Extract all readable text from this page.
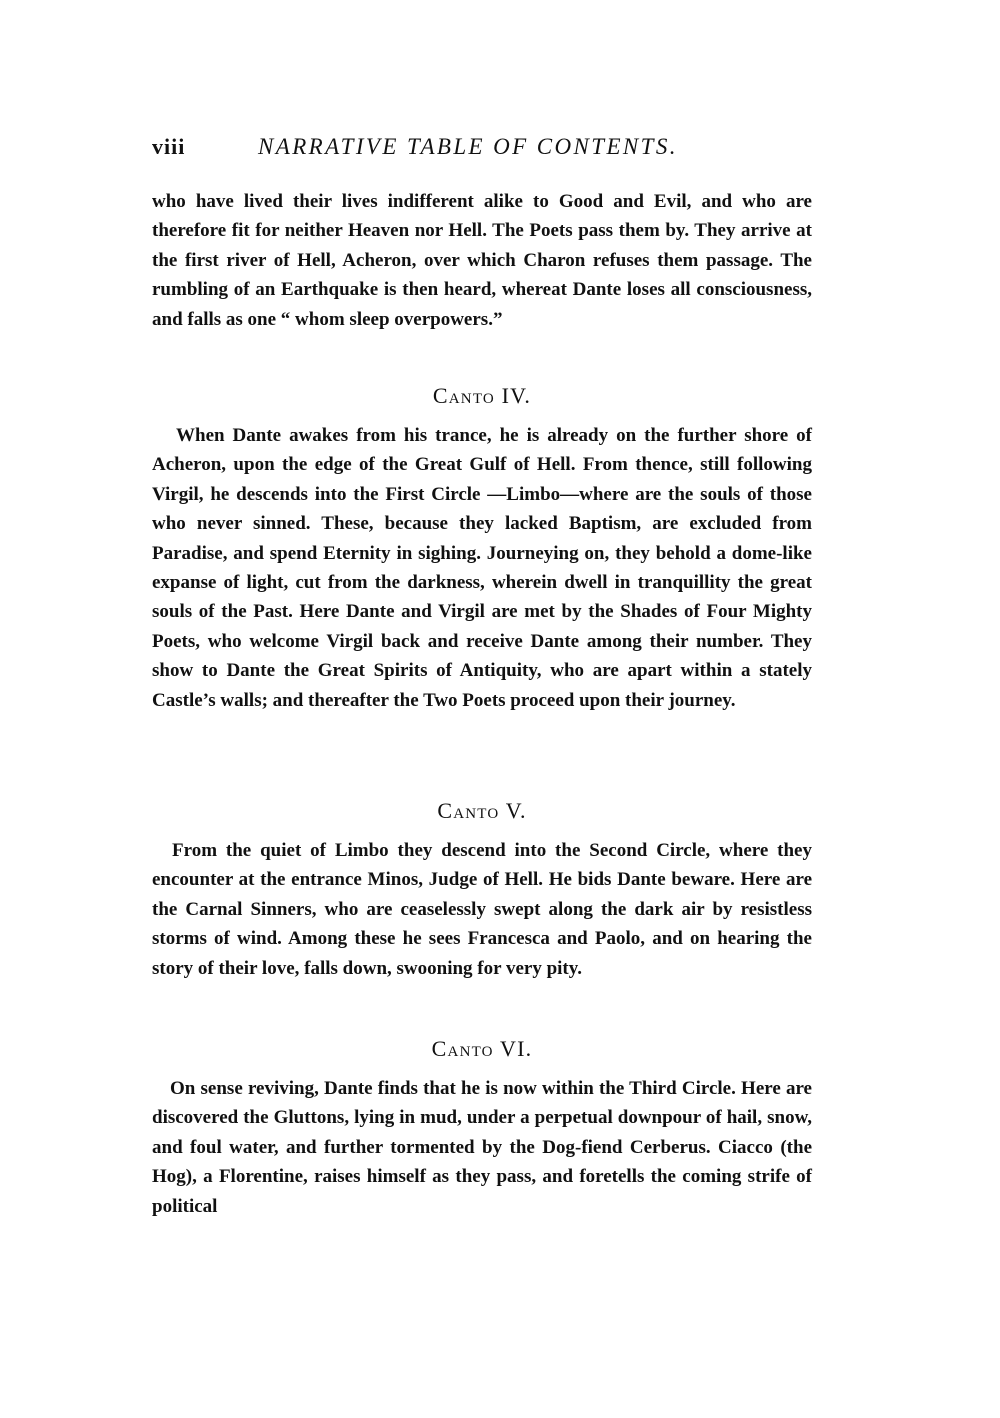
viii	NARRATIVE TABLE OF CONTENTS.

who have lived their lives indifferent alike to Good and Evil, and who are therefore fit for neither Heaven nor Hell. The Poets pass them by. They arrive at the first river of Hell, Acheron, over which Charon refuses them passage. The rumbling of an Earthquake is then heard, whereat Dante loses all consciousness, and falls as one “ whom sleep overpowers.”

Canto IV.

When Dante awakes from his trance, he is already on the further shore of Acheron, upon the edge of the Great Gulf of Hell. From thence, still following Virgil, he descends into the First Circle —Limbo—where are the souls of those who never sinned. These, because they lacked Baptism, are excluded from Paradise, and spend Eternity in sighing. Journeying on, they behold a dome-like expanse of light, cut from the darkness, wherein dwell in tranquillity the great souls of the Past. Here Dante and Virgil are met by the Shades of Four Mighty Poets, who welcome Virgil back and receive Dante among their number. They show to Dante the Great Spirits of Antiquity, who are apart within a stately Castle’s walls; and thereafter the Two Poets proceed upon their journey.

Canto V.

From the quiet of Limbo they descend into the Second Circle, where they encounter at the entrance Minos, Judge of Hell. He bids Dante beware. Here are the Carnal Sinners, who are ceaselessly swept along the dark air by resistless storms of wind. Among these he sees Francesca and Paolo, and on hearing the story of their love, falls down, swooning for very pity.

Canto VI.

On sense reviving, Dante finds that he is now within the Third Circle. Here are discovered the Gluttons, lying in mud, under a perpetual downpour of hail, snow, and foul water, and further tormented by the Dog-fiend Cerberus. Ciacco (the Hog), a Florentine, raises himself as they pass, and foretells the coming strife of political
